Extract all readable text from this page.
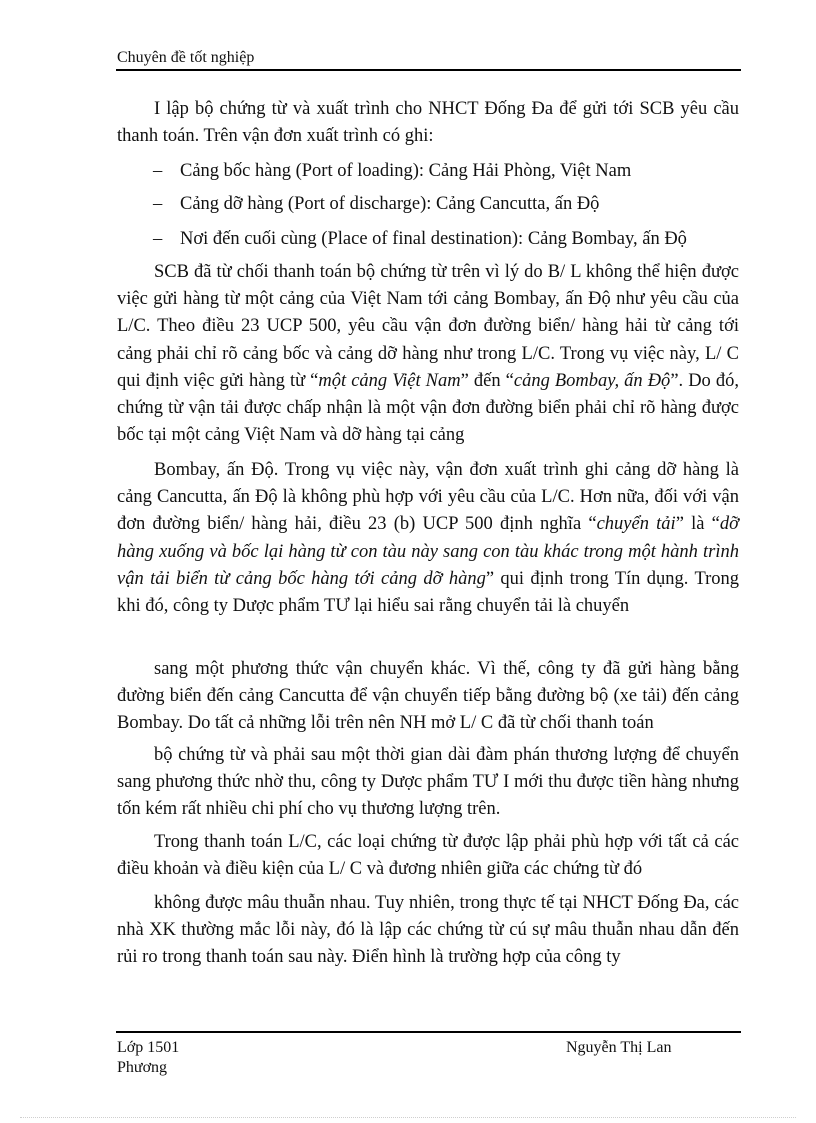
Chuyên đề tốt nghiệp

I lập bộ chứng từ và xuất trình cho NHCT Đống Đa để gửi tới SCB yêu cầu thanh toán. Trên vận đơn xuất trình có ghi:

– Cảng bốc hàng (Port of loading): Cảng Hải Phòng, Việt Nam
– Cảng dỡ hàng (Port of discharge): Cảng Cancutta, ấn Độ
– Nơi đến cuối cùng (Place of final destination): Cảng Bombay, ấn Độ

SCB đã từ chối thanh toán bộ chứng từ trên vì lý do B/ L không thể hiện được việc gửi hàng từ một cảng của Việt Nam tới cảng Bombay, ấn Độ như yêu cầu của L/C. Theo điều 23 UCP 500, yêu cầu vận đơn đường biển/ hàng hải từ cảng tới cảng phải chỉ rõ cảng bốc và cảng dỡ hàng như trong L/C. Trong vụ việc này, L/ C qui định việc gửi hàng từ “một cảng Việt Nam” đến “cảng Bombay, ấn Độ”. Do đó, chứng từ vận tải được chấp nhận là một vận đơn đường biển phải chỉ rõ hàng được bốc tại một cảng Việt Nam và dỡ hàng tại cảng

Bombay, ấn Độ. Trong vụ việc này, vận đơn xuất trình ghi cảng dỡ hàng là cảng Cancutta, ấn Độ là không phù hợp với yêu cầu của L/C. Hơn nữa, đối với vận đơn đường biển/ hàng hải, điều 23 (b) UCP 500 định nghĩa “chuyển tải” là “dỡ hàng xuống và bốc lại hàng từ con tàu này sang con tàu khác trong một hành trình vận tải biển từ cảng bốc hàng tới cảng dỡ hàng” qui định trong Tín dụng. Trong khi đó, công ty Dược phẩm TƯ lại hiểu sai rằng chuyển tải là chuyển

sang một phương thức vận chuyển khác. Vì thế, công ty đã gửi hàng bằng đường biển đến cảng Cancutta để vận chuyển tiếp bằng đường bộ (xe tải) đến cảng Bombay. Do tất cả những lỗi trên nên NH mở L/ C đã từ chối thanh toán

bộ chứng từ và phải sau một thời gian dài đàm phán thương lượng để chuyển sang phương thức nhờ thu, công ty Dược phẩm TƯ I mới thu được tiền hàng nhưng tốn kém rất nhiều chi phí cho vụ thương lượng trên.

Trong thanh toán L/C, các loại chứng từ được lập phải phù hợp với tất cả các điều khoản và điều kiện của L/ C và đương nhiên giữa các chứng từ đó

không được mâu thuẫn nhau. Tuy nhiên, trong thực tế tại NHCT Đống Đa, các nhà XK thường mắc lỗi này, đó là lập các chứng từ cú sự mâu thuẫn nhau dẫn đến rủi ro trong thanh toán sau này. Điển hình là trường hợp của công ty

Lớp 1501
Phương
Nguyễn Thị Lan
